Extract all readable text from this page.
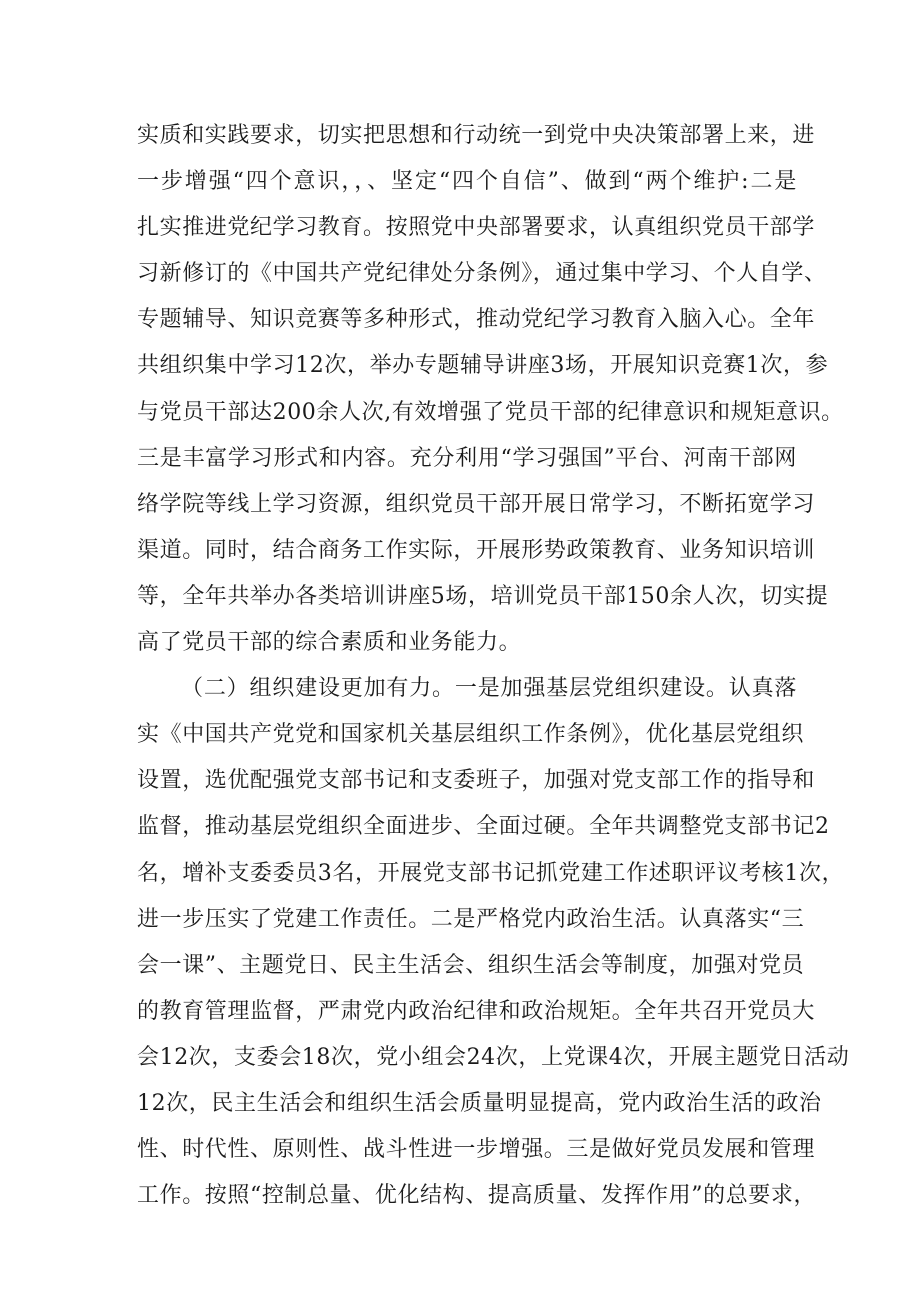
实质和实践要求，切实把思想和行动统一到党中央决策部署上来，进
一步增强“四个意识，，、坚定“四个自信”、做到“两个维护:二是
扎实推进党纪学习教育。按照党中央部署要求，认真组织党员干部学
习新修订的《中国共产党纪律处分条例》，通过集中学习、个人自学、
专题辅导、知识竞赛等多种形式，推动党纪学习教育入脑入心。全年
共组织集中学习12次，举办专题辅导讲座3场，开展知识竞赛1次，参
与党员干部达200余人次,有效增强了党员干部的纪律意识和规矩意识。
三是丰富学习形式和内容。充分利用“学习强国”平台、河南干部网
络学院等线上学习资源，组织党员干部开展日常学习，不断拓宽学习
渠道。同时，结合商务工作实际，开展形势政策教育、业务知识培训
等，全年共举办各类培训讲座5场，培训党员干部150余人次，切实提
高了党员干部的综合素质和业务能力。
（二）组织建设更加有力。一是加强基层党组织建设。认真落
实《中国共产党党和国家机关基层组织工作条例》，优化基层党组织
设置，选优配强党支部书记和支委班子，加强对党支部工作的指导和
监督，推动基层党组织全面进步、全面过硬。全年共调整党支部书记2
名，增补支委委员3名，开展党支部书记抓党建工作述职评议考核1次，
进一步压实了党建工作责任。二是严格党内政治生活。认真落实“三
会一课”、主题党日、民主生活会、组织生活会等制度，加强对党员
的教育管理监督，严肃党内政治纪律和政治规矩。全年共召开党员大
会12次，支委会18次，党小组会24次，上党课4次，开展主题党日活动
12次，民主生活会和组织生活会质量明显提高，党内政治生活的政治
性、时代性、原则性、战斗性进一步增强。三是做好党员发展和管理
工作。按照“控制总量、优化结构、提高质量、发挥作用”的总要求，
